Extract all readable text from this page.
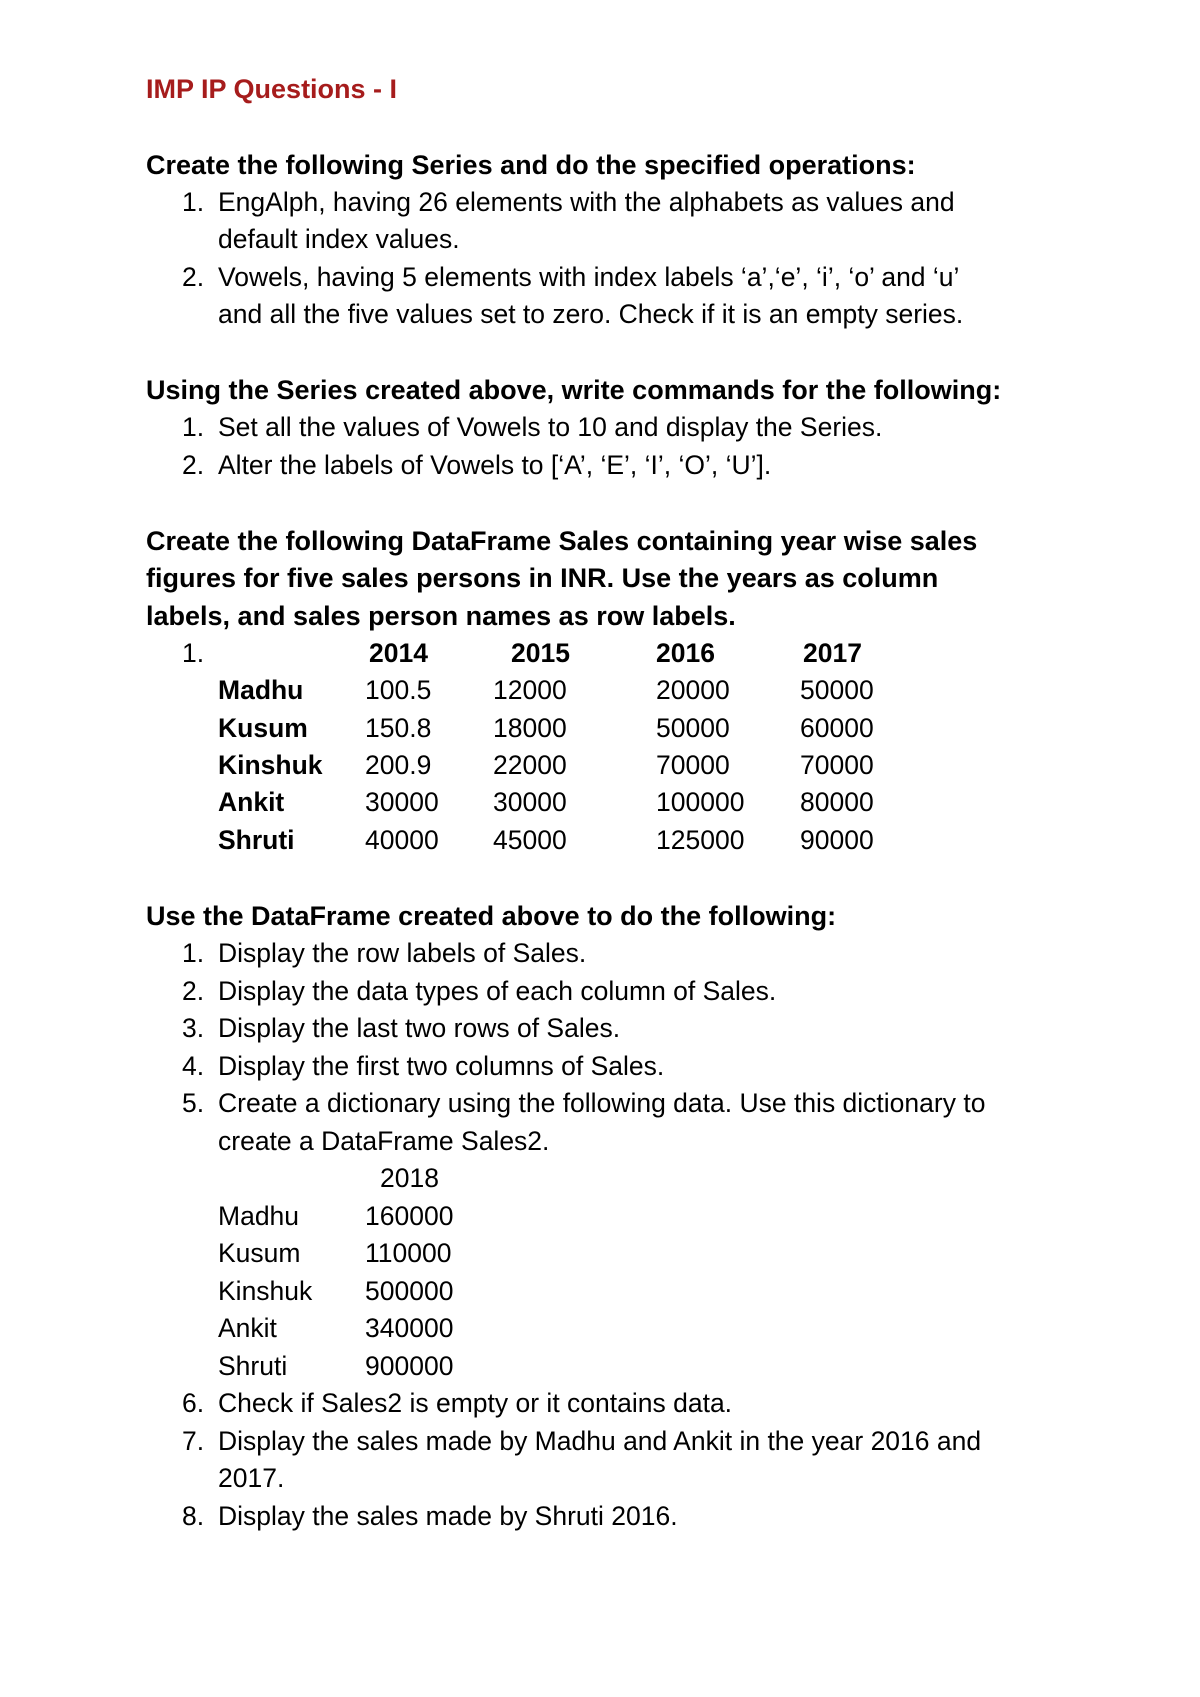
IMP IP Questions - I
Create the following Series and do the specified operations:
1. EngAlph, having 26 elements with the alphabets as values and
default index values.
2. Vowels, having 5 elements with index labels ‘a’,‘e’, ‘i’, ‘o’ and ‘u’
and all the five values set to zero. Check if it is an empty series.
Using the Series created above, write commands for the following:
1. Set all the values of Vowels to 10 and display the Series.
2. Alter the labels of Vowels to [‘A’, ‘E’, ‘I’, ‘O’, ‘U’].
Create the following DataFrame Sales containing year wise sales
figures for five sales persons in INR. Use the years as column
labels, and sales person names as row labels.
1.	2014	2015	2016	2017
Madhu 100.5 12000	20000	50000
Kusum 150.8 18000	50000	60000
Kinshuk 200.9 22000	70000	70000
Ankit	30000 30000	100000 80000
Shruti	40000 45000	125000 90000
Use the DataFrame created above to do the following:
1. Display the row labels of Sales.
2. Display the data types of each column of Sales.
3. Display the last two rows of Sales.
4. Display the first two columns of Sales.
5. Create a dictionary using the following data. Use this dictionary to
create a DataFrame Sales2.
2018
Madhu 160000
Kusum 110000
Kinshuk 500000
Ankit	340000
Shruti	900000
6. Check if Sales2 is empty or it contains data.
7. Display the sales made by Madhu and Ankit in the year 2016 and
2017.
8. Display the sales made by Shruti 2016.
